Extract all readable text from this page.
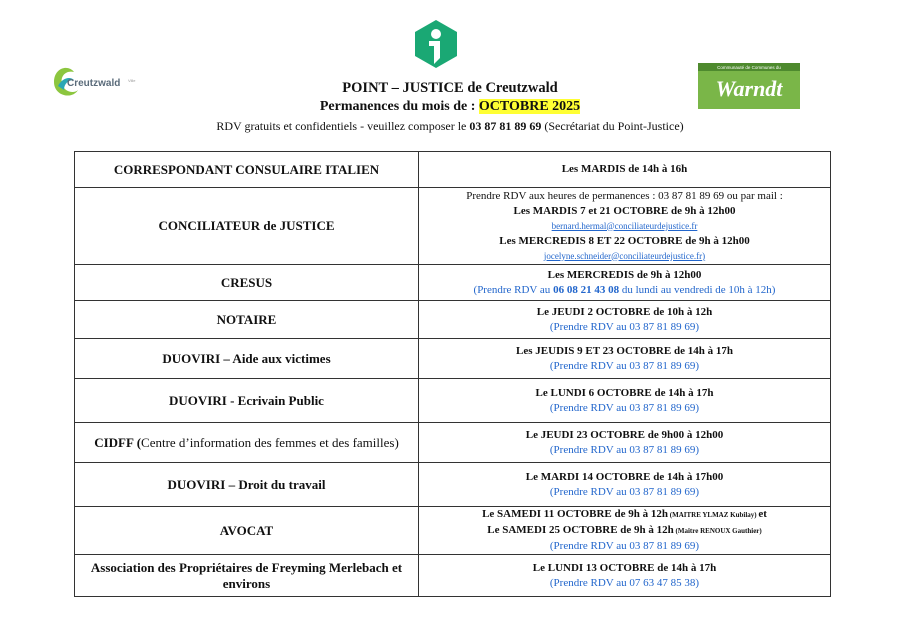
Creutzwald Ville
Communauté de Communes du
Warndt
POINT – JUSTICE de Creutzwald
Permanences du mois de : OCTOBRE 2025
RDV gratuits et confidentiels - veuillez composer le 03 87 81 89 69 (Secrétariat du Point-Justice)
CORRESPONDANT CONSULAIRE ITALIEN	Les MARDIS de 14h à 16h

CONCILIATEUR de JUSTICE	Prendre RDV aux heures de permanences : 03 87 81 89 69 ou par mail :
Les MARDIS 7 et 21 OCTOBRE de 9h à 12h00
bernard.hermal@conciliateurdejustice.fr
Les MERCREDIS 8 ET 22 OCTOBRE de 9h à 12h00
jocelyne.schneider@conciliateurdejustice.fr)

CRESUS	Les MERCREDIS de 9h à 12h00
(Prendre RDV au 06 08 21 43 08 du lundi au vendredi de 10h à 12h)

NOTAIRE	Le JEUDI 2 OCTOBRE de 10h à 12h
(Prendre RDV au 03 87 81 89 69)

DUOVIRI – Aide aux victimes	Les JEUDIS 9 ET 23 OCTOBRE de 14h à 17h
(Prendre RDV au 03 87 81 89 69)

DUOVIRI - Ecrivain Public	Le LUNDI 6 OCTOBRE de 14h à 17h
(Prendre RDV au 03 87 81 89 69)

CIDFF (Centre d’information des femmes et des familles)	Le JEUDI 23 OCTOBRE de 9h00 à 12h00
(Prendre RDV au 03 87 81 89 69)

DUOVIRI – Droit du travail	Le MARDI 14 OCTOBRE de 14h à 17h00
(Prendre RDV au 03 87 81 89 69)

AVOCAT	Le SAMEDI 11 OCTOBRE de 9h à 12h (MAITRE YLMAZ Kubilay) et
Le SAMEDI 25 OCTOBRE de 9h à 12h (Maitre RENOUX Gauthier)
(Prendre RDV au 03 87 81 89 69)

Association des Propriétaires de Freyming Merlebach et environs	Le LUNDI 13 OCTOBRE de 14h à 17h
(Prendre RDV au 07 63 47 85 38)
